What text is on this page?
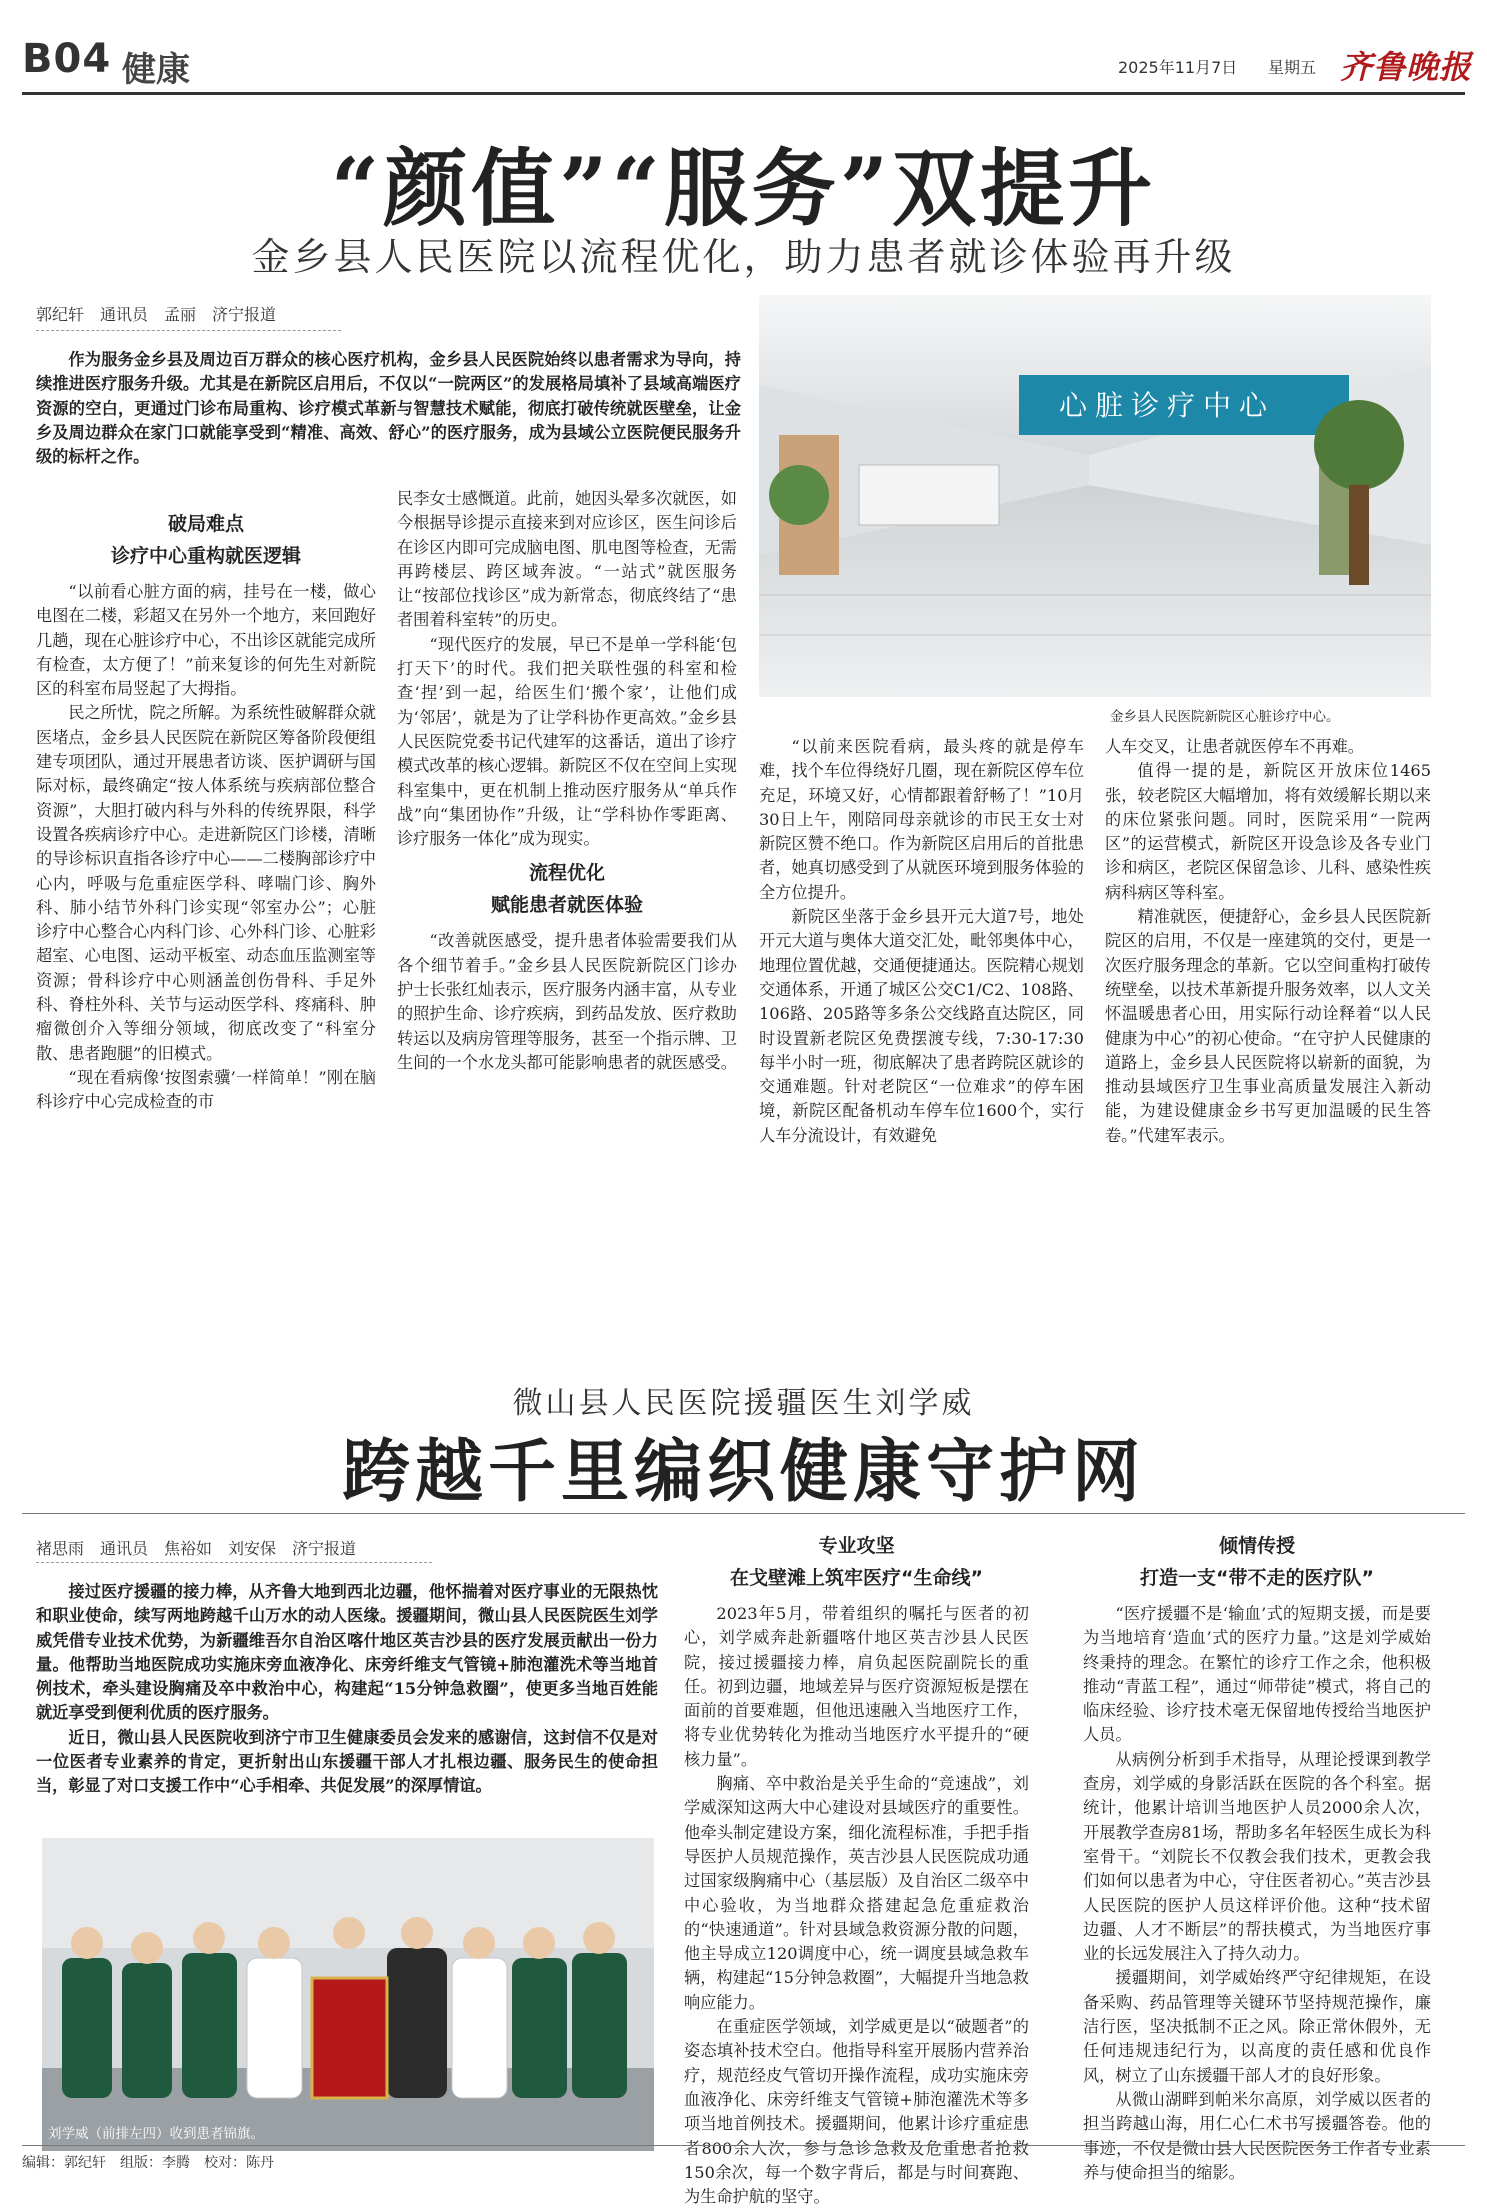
B04 健康	2025年11月7日 星期五 齐鲁晚报
“颜值”“服务”双提升
金乡县人民医院以流程优化，助力患者就诊体验再升级
郭纪轩　通讯员　孟丽　济宁报道

作为服务金乡县及周边百万群众的核心医疗机构，金乡县人民医院始终以患者需求为导向，持续推进医疗服务升级。尤其是在新院区启用后，不仅以“一院两区”的发展格局填补了县域高端医疗资源的空白，更通过门诊布局重构、诊疗模式革新与智慧技术赋能，彻底打破传统就医壁垒，让金乡及周边群众在家门口就能享受到“精准、高效、舒心”的医疗服务，成为县域公立医院便民服务升级的标杆之作。

心脏诊疗中心
金乡县人民医院新院区心脏诊疗中心。
破局难点
诊疗中心重构就医逻辑

“以前看心脏方面的病，挂号在一楼，做心电图在二楼，彩超又在另外一个地方，来回跑好几趟，现在心脏诊疗中心，不出诊区就能完成所有检查，太方便了！”前来复诊的何先生对新院区的科室布局竖起了大拇指。

民之所忧，院之所解。为系统性破解群众就医堵点，金乡县人民医院在新院区筹备阶段便组建专项团队，通过开展患者访谈、医护调研与国际对标，最终确定“按人体系统与疾病部位整合资源”，大胆打破内科与外科的传统界限，科学设置各疾病诊疗中心。走进新院区门诊楼，清晰的导诊标识直指各诊疗中心——二楼胸部诊疗中心内，呼吸与危重症医学科、哮喘门诊、胸外科、肺小结节外科门诊实现“邻室办公”；心脏诊疗中心整合心内科门诊、心外科门诊、心脏彩超室、心电图、运动平板室、动态血压监测室等资源；骨科诊疗中心则涵盖创伤骨科、手足外科、脊柱外科、关节与运动医学科、疼痛科、肿瘤微创介入等细分领域，彻底改变了“科室分散、患者跑腿”的旧模式。

“现在看病像‘按图索骥’一样简单！”刚在脑科诊疗中心完成检查的市

民李女士感慨道。此前，她因头晕多次就医，如今根据导诊提示直接来到对应诊区，医生问诊后在诊区内即可完成脑电图、肌电图等检查，无需再跨楼层、跨区域奔波。“一站式”就医服务让“按部位找诊区”成为新常态，彻底终结了“患者围着科室转”的历史。

“现代医疗的发展，早已不是单一学科能‘包打天下’的时代。我们把关联性强的科室和检查‘捏’到一起，给医生们‘搬个家’，让他们成为‘邻居’，就是为了让学科协作更高效。”金乡县人民医院党委书记代建军的这番话，道出了诊疗模式改革的核心逻辑。新院区不仅在空间上实现科室集中，更在机制上推动医疗服务从“单兵作战”向“集团协作”升级，让“学科协作零距离、诊疗服务一体化”成为现实。

流程优化
赋能患者就医体验

“改善就医感受，提升患者体验需要我们从各个细节着手。”金乡县人民医院新院区门诊办护士长张红灿表示，医疗服务内涵丰富，从专业的照护生命、诊疗疾病，到药品发放、医疗救助转运以及病房管理等服务，甚至一个指示牌、卫生间的一个水龙头都可能影响患者的就医感受。

“以前来医院看病，最头疼的就是停车难，找个车位得绕好几圈，现在新院区停车位充足，环境又好，心情都跟着舒畅了！”10月30日上午，刚陪同母亲就诊的市民王女士对新院区赞不绝口。作为新院区启用后的首批患者，她真切感受到了从就医环境到服务体验的全方位提升。

新院区坐落于金乡县开元大道7号，地处开元大道与奥体大道交汇处，毗邻奥体中心，地理位置优越，交通便捷通达。医院精心规划交通体系，开通了城区公交C1/C2、108路、106路、205路等多条公交线路直达院区，同时设置新老院区免费摆渡专线，7:30-17:30每半小时一班，彻底解决了患者跨院区就诊的交通难题。针对老院区“一位难求”的停车困境，新院区配备机动车停车位1600个，实行人车分流设计，有效避免

人车交叉，让患者就医停车不再难。

值得一提的是，新院区开放床位1465张，较老院区大幅增加，将有效缓解长期以来的床位紧张问题。同时，医院采用“一院两区”的运营模式，新院区开设急诊及各专业门诊和病区，老院区保留急诊、儿科、感染性疾病科病区等科室。

精准就医，便捷舒心，金乡县人民医院新院区的启用，不仅是一座建筑的交付，更是一次医疗服务理念的革新。它以空间重构打破传统壁垒，以技术革新提升服务效率，以人文关怀温暖患者心田，用实际行动诠释着“以人民健康为中心”的初心使命。“在守护人民健康的道路上，金乡县人民医院将以崭新的面貌，为推动县域医疗卫生事业高质量发展注入新动能，为建设健康金乡书写更加温暖的民生答卷。”代建军表示。

微山县人民医院援疆医生刘学威
跨越千里编织健康守护网
褚思雨　通讯员　焦裕如　刘安保　济宁报道

接过医疗援疆的接力棒，从齐鲁大地到西北边疆，他怀揣着对医疗事业的无限热忱和职业使命，续写两地跨越千山万水的动人医缘。援疆期间，微山县人民医院医生刘学威凭借专业技术优势，为新疆维吾尔自治区喀什地区英吉沙县的医疗发展贡献出一份力量。他帮助当地医院成功实施床旁血液净化、床旁纤维支气管镜+肺泡灌洗术等当地首例技术，牵头建设胸痛及卒中救治中心，构建起“15分钟急救圈”，使更多当地百姓能就近享受到便利优质的医疗服务。

近日，微山县人民医院收到济宁市卫生健康委员会发来的感谢信，这封信不仅是对一位医者专业素养的肯定，更折射出山东援疆干部人才扎根边疆、服务民生的使命担当，彰显了对口支援工作中“心手相牵、共促发展”的深厚情谊。

刘学威（前排左四）收到患者锦旗。
专业攻坚
在戈壁滩上筑牢医疗“生命线”

2023年5月，带着组织的嘱托与医者的初心，刘学威奔赴新疆喀什地区英吉沙县人民医院，接过援疆接力棒，肩负起医院副院长的重任。初到边疆，地域差异与医疗资源短板是摆在面前的首要难题，但他迅速融入当地医疗工作，将专业优势转化为推动当地医疗水平提升的“硬核力量”。

胸痛、卒中救治是关乎生命的“竞速战”，刘学威深知这两大中心建设对县域医疗的重要性。他牵头制定建设方案，细化流程标准，手把手指导医护人员规范操作，英吉沙县人民医院成功通过国家级胸痛中心（基层版）及自治区二级卒中中心验收，为当地群众搭建起急危重症救治的“快速通道”。针对县域急救资源分散的问题，他主导成立120调度中心，统一调度县域急救车辆，构建起“15分钟急救圈”，大幅提升当地急救响应能力。

在重症医学领域，刘学威更是以“破题者”的姿态填补技术空白。他指导科室开展肠内营养治疗，规范经皮气管切开操作流程，成功实施床旁血液净化、床旁纤维支气管镜+肺泡灌洗术等多项当地首例技术。援疆期间，他累计诊疗重症患者800余人次，参与急诊急救及危重患者抢救150余次，每一个数字背后，都是与时间赛跑、为生命护航的坚守。

倾情传授
打造一支“带不走的医疗队”

“医疗援疆不是‘输血’式的短期支援，而是要为当地培育‘造血’式的医疗力量。”这是刘学威始终秉持的理念。在繁忙的诊疗工作之余，他积极推动“青蓝工程”，通过“师带徒”模式，将自己的临床经验、诊疗技术毫无保留地传授给当地医护人员。

从病例分析到手术指导，从理论授课到教学查房，刘学威的身影活跃在医院的各个科室。据统计，他累计培训当地医护人员2000余人次，开展教学查房81场，帮助多名年轻医生成长为科室骨干。“刘院长不仅教会我们技术，更教会我们如何以患者为中心，守住医者初心。”英吉沙县人民医院的医护人员这样评价他。这种“技术留边疆、人才不断层”的帮扶模式，为当地医疗事业的长远发展注入了持久动力。

援疆期间，刘学威始终严守纪律规矩，在设备采购、药品管理等关键环节坚持规范操作，廉洁行医，坚决抵制不正之风。除正常休假外，无任何违规违纪行为，以高度的责任感和优良作风，树立了山东援疆干部人才的良好形象。

从微山湖畔到帕米尔高原，刘学威以医者的担当跨越山海，用仁心仁术书写援疆答卷。他的事迹，不仅是微山县人民医院医务工作者专业素养与使命担当的缩影。

编辑：郭纪轩　组版：李腾　校对：陈丹
